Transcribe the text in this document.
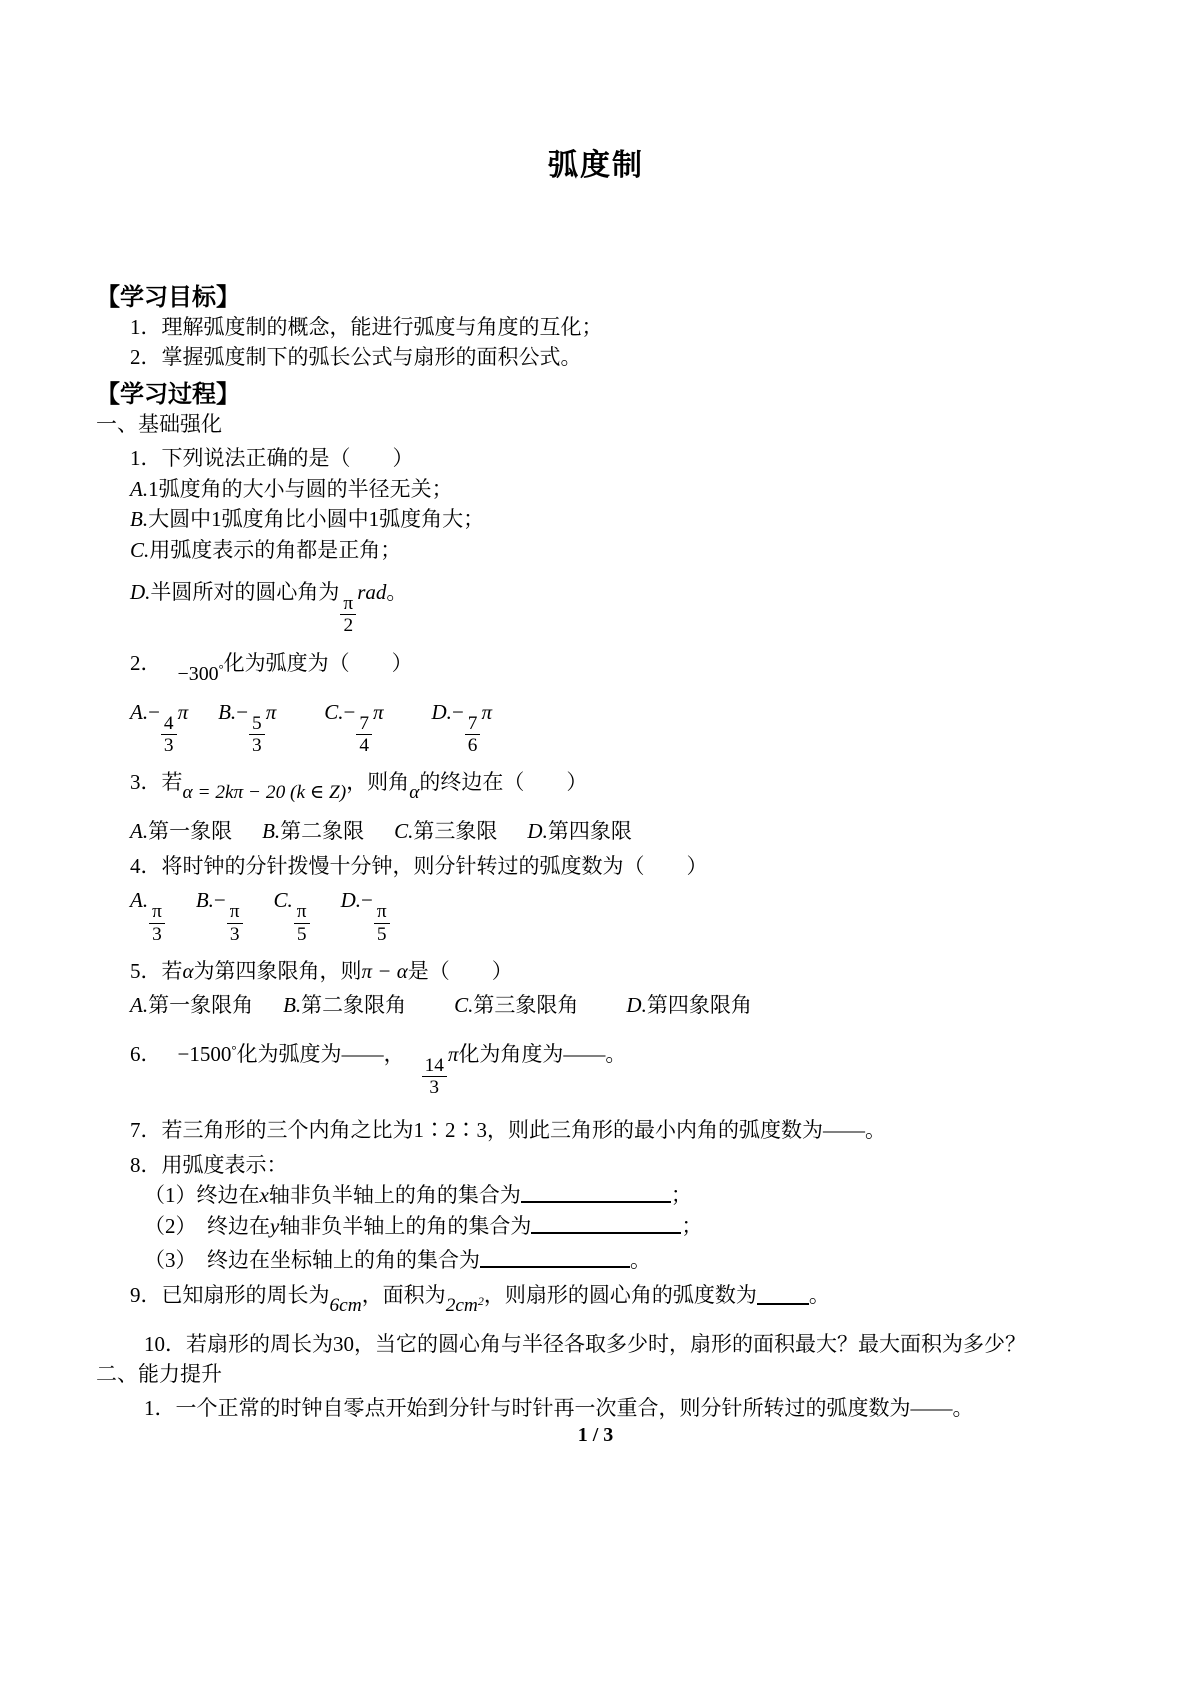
弧度制
【学习目标】
1．理解弧度制的概念，能进行弧度与角度的互化；
2．掌握弧度制下的弧长公式与扇形的面积公式。
【学习过程】
一、基础强化
1．下列说法正确的是（　　）
A.1弧度角的大小与圆的半径无关；
B.大圆中1弧度角比小圆中1弧度角大；
C.用弧度表示的角都是正角；
D.半圆所对的圆心角为
$\frac{\pi}{2}$
rad。
2． −300°化为弧度为（　　）
A.−
$\frac{4}{3}$
π B.−
$\frac{5}{3}$
π C.−
$\frac{7}{4}$
π D.−
$\frac{7}{6}$
π
3．若α = 2kπ − 20 (k ∈ Z)，则角α的终边在（　　）
A.第一象限 B.第二象限 C.第三象限 D.第四象限
4．将时钟的分针拨慢十分钟，则分针转过的弧度数为（　　）
A.
$\frac{\pi}{3}$
B.−
$\frac{\pi}{3}$
C.
$\frac{\pi}{5}$
D.−
$\frac{\pi}{5}$
5．若α为第四象限角，则π − α是（　　）
A.第一象限角 B.第二象限角 C.第三象限角 D.第四象限角
6． −1500°化为弧度为——，
$\frac{14}{3}$
π化为角度为——。
7．若三角形的三个内角之比为1∶2∶3，则此三角形的最小内角的弧度数为——。
8．用弧度表示：
（1）终边在x轴非负半轴上的角的集合为	；
（2）　终边在y轴非负半轴上的角的集合为	；
（3）　终边在坐标轴上的角的集合为	。
9．已知扇形的周长为6cm，面积为$2cm^2$，则扇形的圆心角的弧度数为 。
10．若扇形的周长为30，当它的圆心角与半径各取多少时，扇形的面积最大？最大面积为多少？
二、能力提升
1．一个正常的时钟自零点开始到分针与时针再一次重合，则分针所转过的弧度数为——。
1 / 3
